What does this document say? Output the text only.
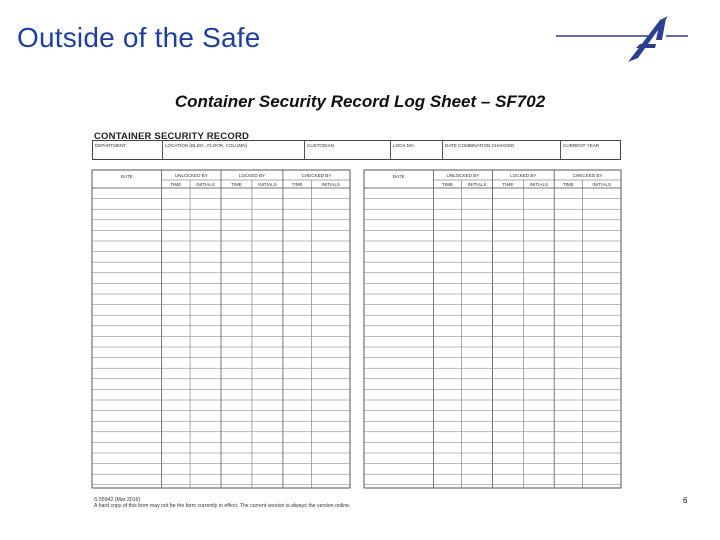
Outside of the Safe
Container Security Record Log Sheet – SF702
CONTAINER SECURITY RECORD
DEPARTMENT	LOCATION (BLDG., FLOOR, COLUMN)	CUSTODIAN	LOCK NO.	DATE COMBINATION CHANGED	CURRENT YEAR
DATE	UNLOCKED BY	LOCKED BY	CHECKED BY
TIME	INITIALS	TIME	INITIALS	TIME	INITIALS
DATE	UNLOCKED BY	LOCKED BY	CHECKED BY
TIME	INITIALS	TIME	INITIALS	TIME	INITIALS
S 55942 (Mar 2016)
A hard copy of this form may not be the form currently in effect. The current version is always the version online.
6
